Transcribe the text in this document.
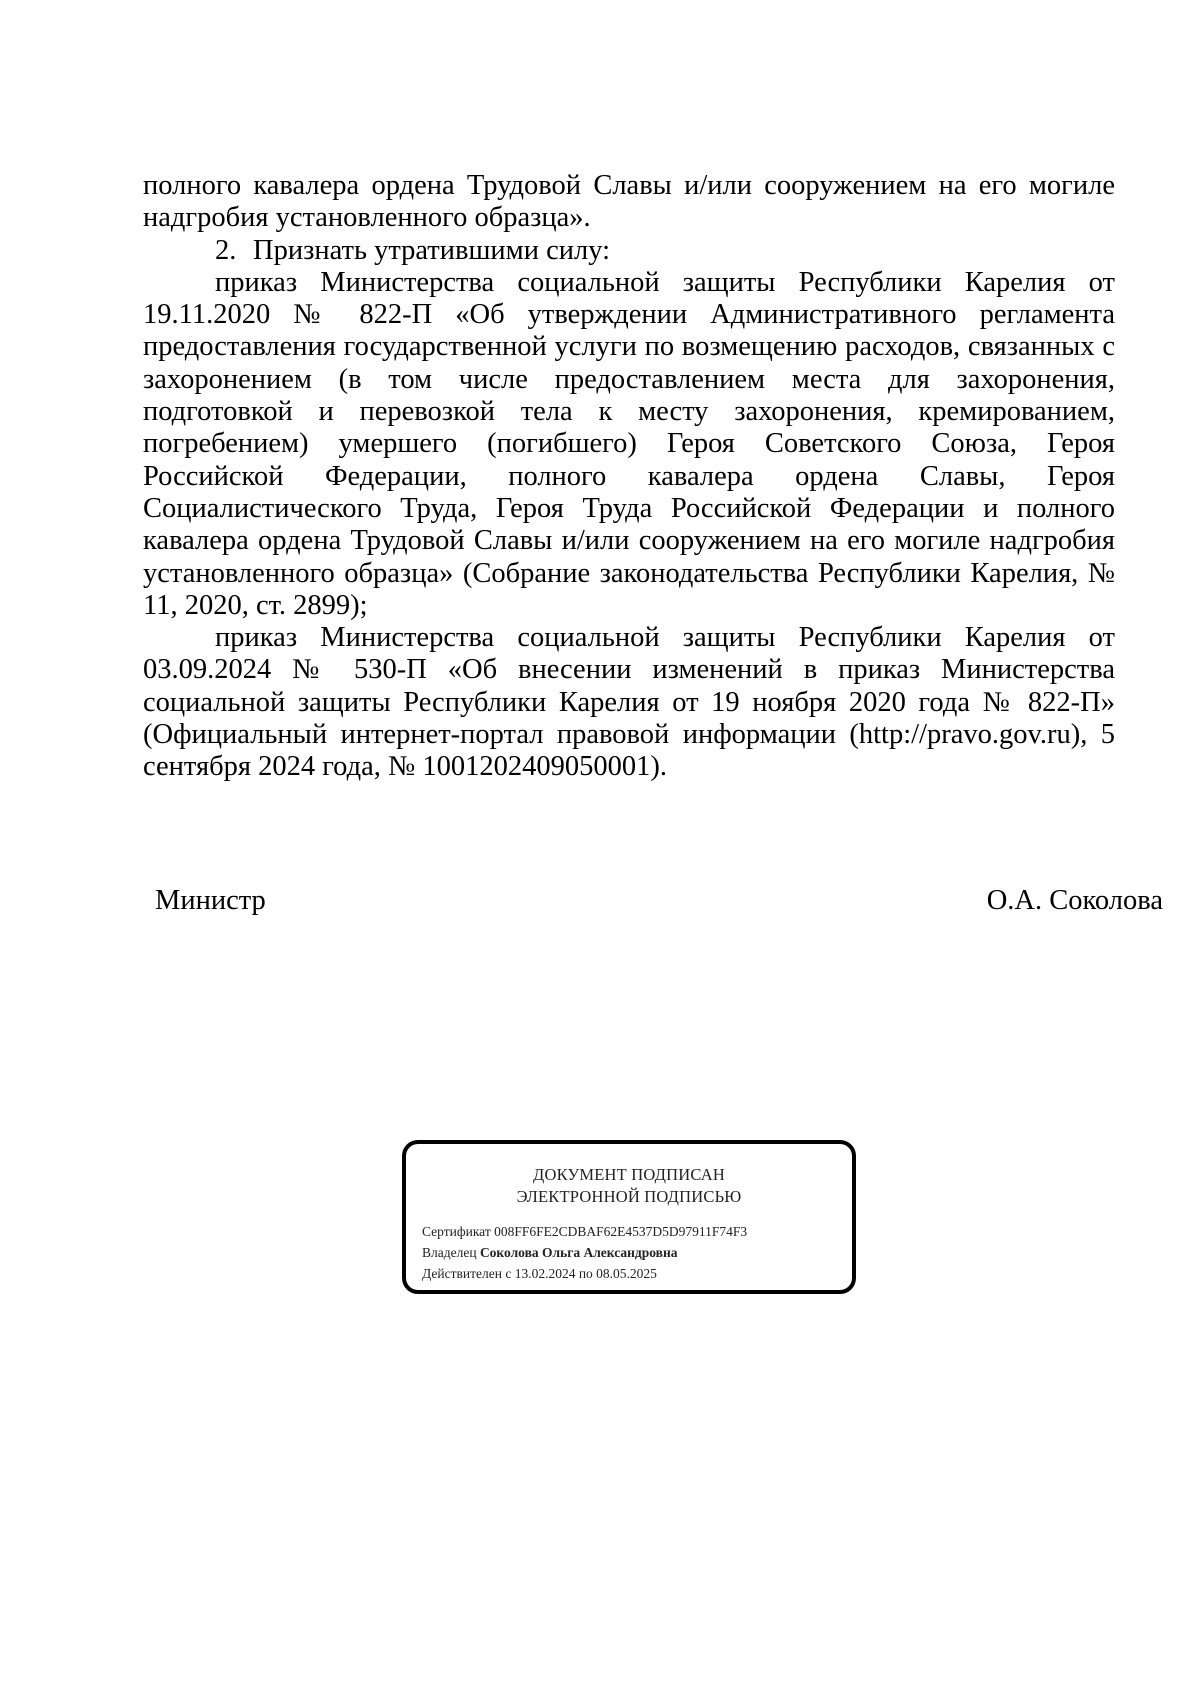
полного кавалера ордена Трудовой Славы и/или сооружением на его могиле надгробия установленного образца».

2. Признать утратившими силу:

приказ Министерства социальной защиты Республики Карелия от 19.11.2020 № 822-П «Об утверждении Административного регламента предоставления государственной услуги по возмещению расходов, связанных с захоронением (в том числе предоставлением места для захоронения, подготовкой и перевозкой тела к месту захоронения, кремированием, погребением) умершего (погибшего) Героя Советского Союза, Героя Российской Федерации, полного кавалера ордена Славы, Героя Социалистического Труда, Героя Труда Российской Федерации и полного кавалера ордена Трудовой Славы и/или сооружением на его могиле надгробия установленного образца» (Собрание законодательства Республики Карелия, № 11, 2020, ст. 2899);

приказ Министерства социальной защиты Республики Карелия от 03.09.2024 № 530-П «Об внесении изменений в приказ Министерства социальной защиты Республики Карелия от 19 ноября 2020 года № 822-П» (Официальный интернет-портал правовой информации (http://pravo.gov.ru), 5 сентября 2024 года, № 1001202409050001).

Министр	О.А. Соколова
ДОКУМЕНТ ПОДПИСАН
ЭЛЕКТРОННОЙ ПОДПИСЬЮ
Сертификат 008FF6FE2CDBAF62E4537D5D97911F74F3
Владелец Соколова Ольга Александровна
Действителен с 13.02.2024 по 08.05.2025
